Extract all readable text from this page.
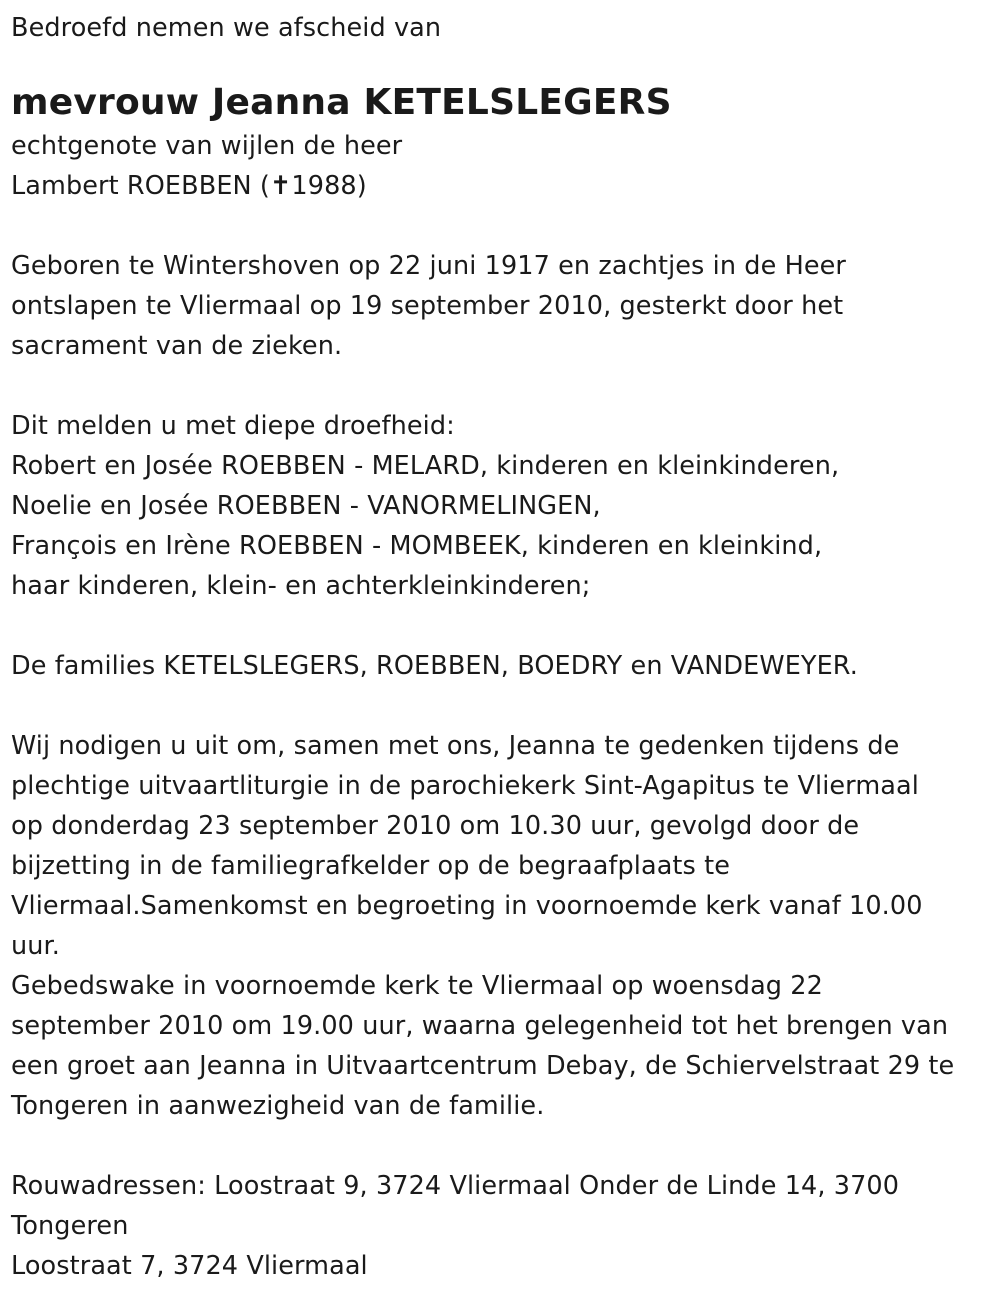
Bedroefd nemen we afscheid van
mevrouw Jeanna KETELSLEGERS
echtgenote van wijlen de heer
Lambert ROEBBEN (✝1988)
Geboren te Wintershoven op 22 juni 1917 en zachtjes in de Heer
ontslapen te Vliermaal op 19 september 2010, gesterkt door het
sacrament van de zieken.
Dit melden u met diepe droefheid:
Robert en Josée ROEBBEN - MELARD, kinderen en kleinkinderen,
Noelie en Josée ROEBBEN - VANORMELINGEN,
François en Irène ROEBBEN - MOMBEEK, kinderen en kleinkind,
haar kinderen, klein- en achterkleinkinderen;
De families KETELSLEGERS, ROEBBEN, BOEDRY en VANDEWEYER.
Wij nodigen u uit om, samen met ons, Jeanna te gedenken tijdens de
plechtige uitvaartliturgie in de parochiekerk Sint-Agapitus te Vliermaal
op donderdag 23 september 2010 om 10.30 uur, gevolgd door de
bijzetting in de familiegrafkelder op de begraafplaats te
Vliermaal.Samenkomst en begroeting in voornoemde kerk vanaf 10.00
uur.
Gebedswake in voornoemde kerk te Vliermaal op woensdag 22
september 2010 om 19.00 uur, waarna gelegenheid tot het brengen van
een groet aan Jeanna in Uitvaartcentrum Debay, de Schiervelstraat 29 te
Tongeren in aanwezigheid van de familie.
Rouwadressen: Loostraat 9, 3724 Vliermaal Onder de Linde 14, 3700
Tongeren
Loostraat 7, 3724 Vliermaal
